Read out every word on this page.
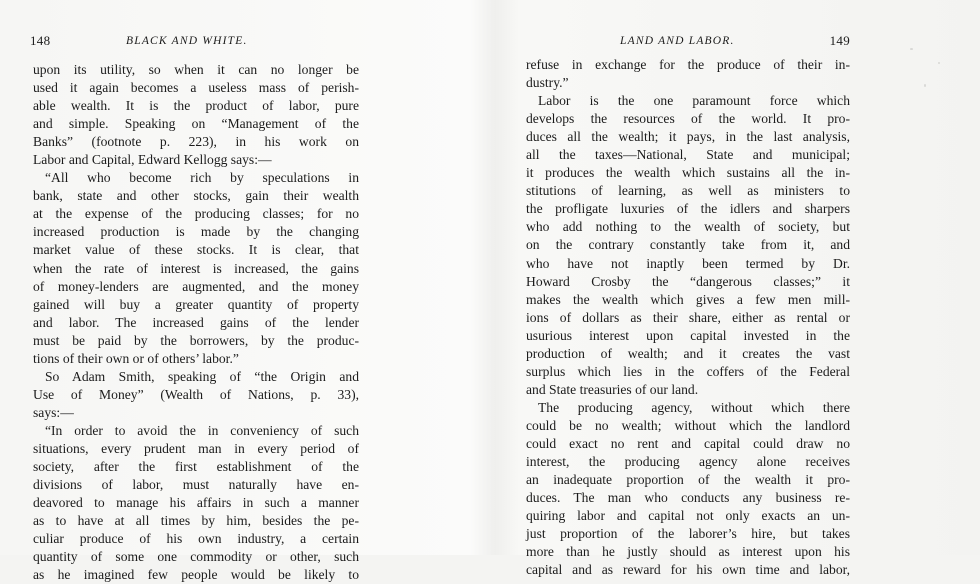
148	BLACK AND WHITE.
upon its utility, so when it can no longer be
used it again becomes a useless mass of perish-
able wealth. It is the product of labor, pure
and simple. Speaking on “Management of the
Banks” (footnote p. 223), in his work on
Labor and Capital, Edward Kellogg says:—
“All who become rich by speculations in
bank, state and other stocks, gain their wealth
at the expense of the producing classes; for no
increased production is made by the changing
market value of these stocks. It is clear, that
when the rate of interest is increased, the gains
of money-lenders are augmented, and the money
gained will buy a greater quantity of property
and labor. The increased gains of the lender
must be paid by the borrowers, by the produc-
tions of their own or of others’ labor.”
So Adam Smith, speaking of “the Origin and
Use of Money” (Wealth of Nations, p. 33),
says:—
“In order to avoid the in conveniency of such
situations, every prudent man in every period of
society, after the first establishment of the
divisions of labor, must naturally have en-
deavored to manage his affairs in such a manner
as to have at all times by him, besides the pe-
culiar produce of his own industry, a certain
quantity of some one commodity or other, such
as he imagined few people would be likely to
LAND AND LABOR.	149
refuse in exchange for the produce of their in-
dustry.”
Labor is the one paramount force which
develops the resources of the world. It pro-
duces all the wealth; it pays, in the last analysis,
all the taxes—National, State and municipal;
it produces the wealth which sustains all the in-
stitutions of learning, as well as ministers to
the profligate luxuries of the idlers and sharpers
who add nothing to the wealth of society, but
on the contrary constantly take from it, and
who have not inaptly been termed by Dr.
Howard Crosby the “dangerous classes;” it
makes the wealth which gives a few men mill-
ions of dollars as their share, either as rental or
usurious interest upon capital invested in the
production of wealth; and it creates the vast
surplus which lies in the coffers of the Federal
and State treasuries of our land.
The producing agency, without which there
could be no wealth; without which the landlord
could exact no rent and capital could draw no
interest, the producing agency alone receives
an inadequate proportion of the wealth it pro-
duces. The man who conducts any business re-
quiring labor and capital not only exacts an un-
just proportion of the laborer’s hire, but takes
more than he justly should as interest upon his
capital and as reward for his own time and labor,
